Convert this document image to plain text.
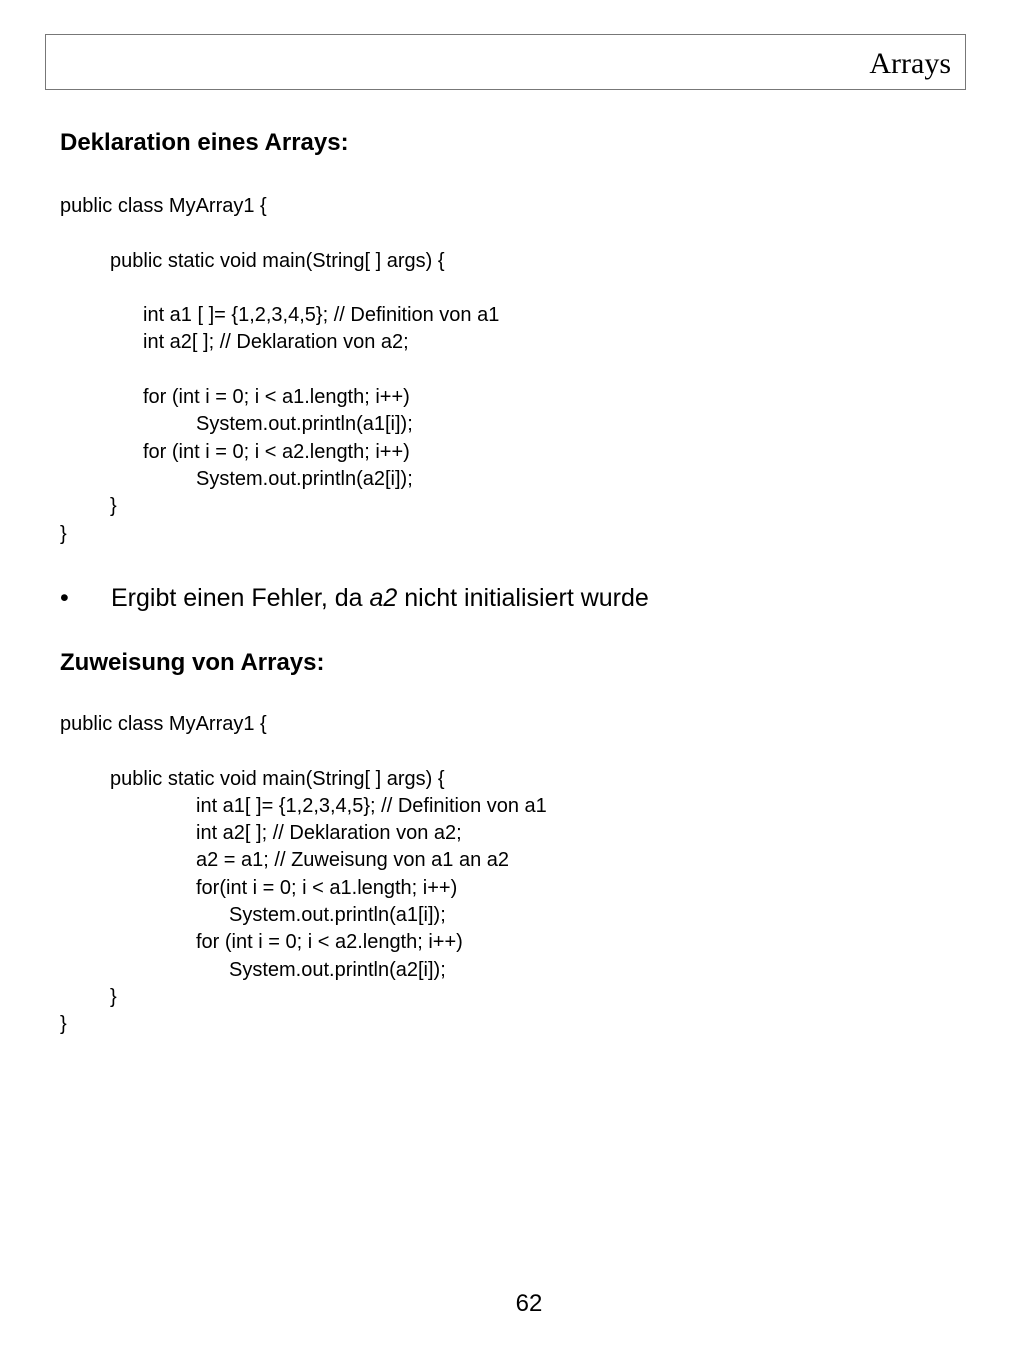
Arrays
Deklaration eines Arrays:
public class MyArray1 {
public static void main(String[ ] args) {
int a1 [ ]= {1,2,3,4,5}; // Definition von a1
int a2[ ]; // Deklaration von a2;
for (int i = 0; i < a1.length; i++)
System.out.println(a1[i]);
for (int i = 0; i < a2.length; i++)
System.out.println(a2[i]);
}
}
• Ergibt einen Fehler, da a2 nicht initialisiert wurde
Zuweisung von Arrays:
public class MyArray1 {
public static void main(String[ ] args) {
int a1[ ]= {1,2,3,4,5}; // Definition von a1
int a2[ ]; // Deklaration von a2;
a2 = a1; // Zuweisung von a1 an a2
for(int i = 0; i < a1.length; i++)
System.out.println(a1[i]);
for (int i = 0; i < a2.length; i++)
System.out.println(a2[i]);
}
}
62
